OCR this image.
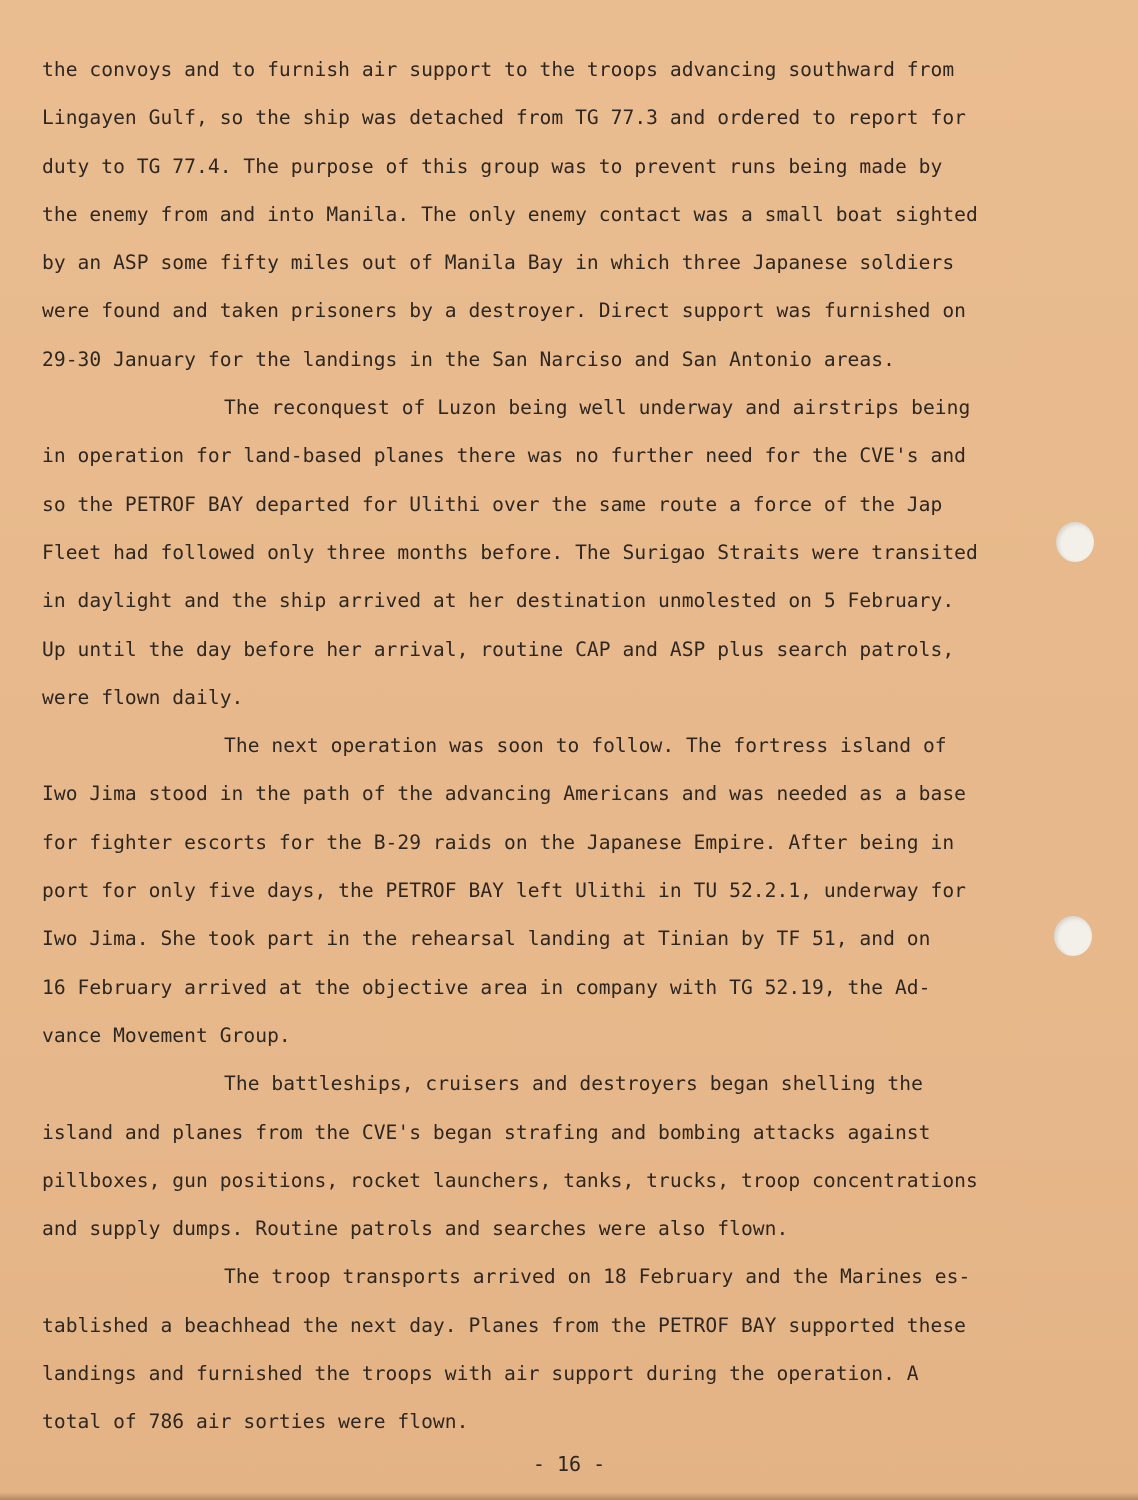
the convoys and to furnish air support to the troops advancing southward from
Lingayen Gulf, so the ship was detached from TG 77.3 and ordered to report for
duty to TG 77.4. The purpose of this group was to prevent runs being made by
the enemy from and into Manila. The only enemy contact was a small boat sighted
by an ASP some fifty miles out of Manila Bay in which three Japanese soldiers
were found and taken prisoners by a destroyer. Direct support was furnished on
29-30 January for the landings in the San Narciso and San Antonio areas.

The reconquest of Luzon being well underway and airstrips being
in operation for land-based planes there was no further need for the CVE's and
so the PETROF BAY departed for Ulithi over the same route a force of the Jap
Fleet had followed only three months before. The Surigao Straits were transited
in daylight and the ship arrived at her destination unmolested on 5 February.
Up until the day before her arrival, routine CAP and ASP plus search patrols,
were flown daily.

The next operation was soon to follow. The fortress island of
Iwo Jima stood in the path of the advancing Americans and was needed as a base
for fighter escorts for the B-29 raids on the Japanese Empire. After being in
port for only five days, the PETROF BAY left Ulithi in TU 52.2.1, underway for
Iwo Jima. She took part in the rehearsal landing at Tinian by TF 51, and on
16 February arrived at the objective area in company with TG 52.19, the Ad-
vance Movement Group.

The battleships, cruisers and destroyers began shelling the
island and planes from the CVE's began strafing and bombing attacks against
pillboxes, gun positions, rocket launchers, tanks, trucks, troop concentrations
and supply dumps. Routine patrols and searches were also flown.

The troop transports arrived on 18 February and the Marines es-
tablished a beachhead the next day. Planes from the PETROF BAY supported these
landings and furnished the troops with air support during the operation. A
total of 786 air sorties were flown.

- 16 -
